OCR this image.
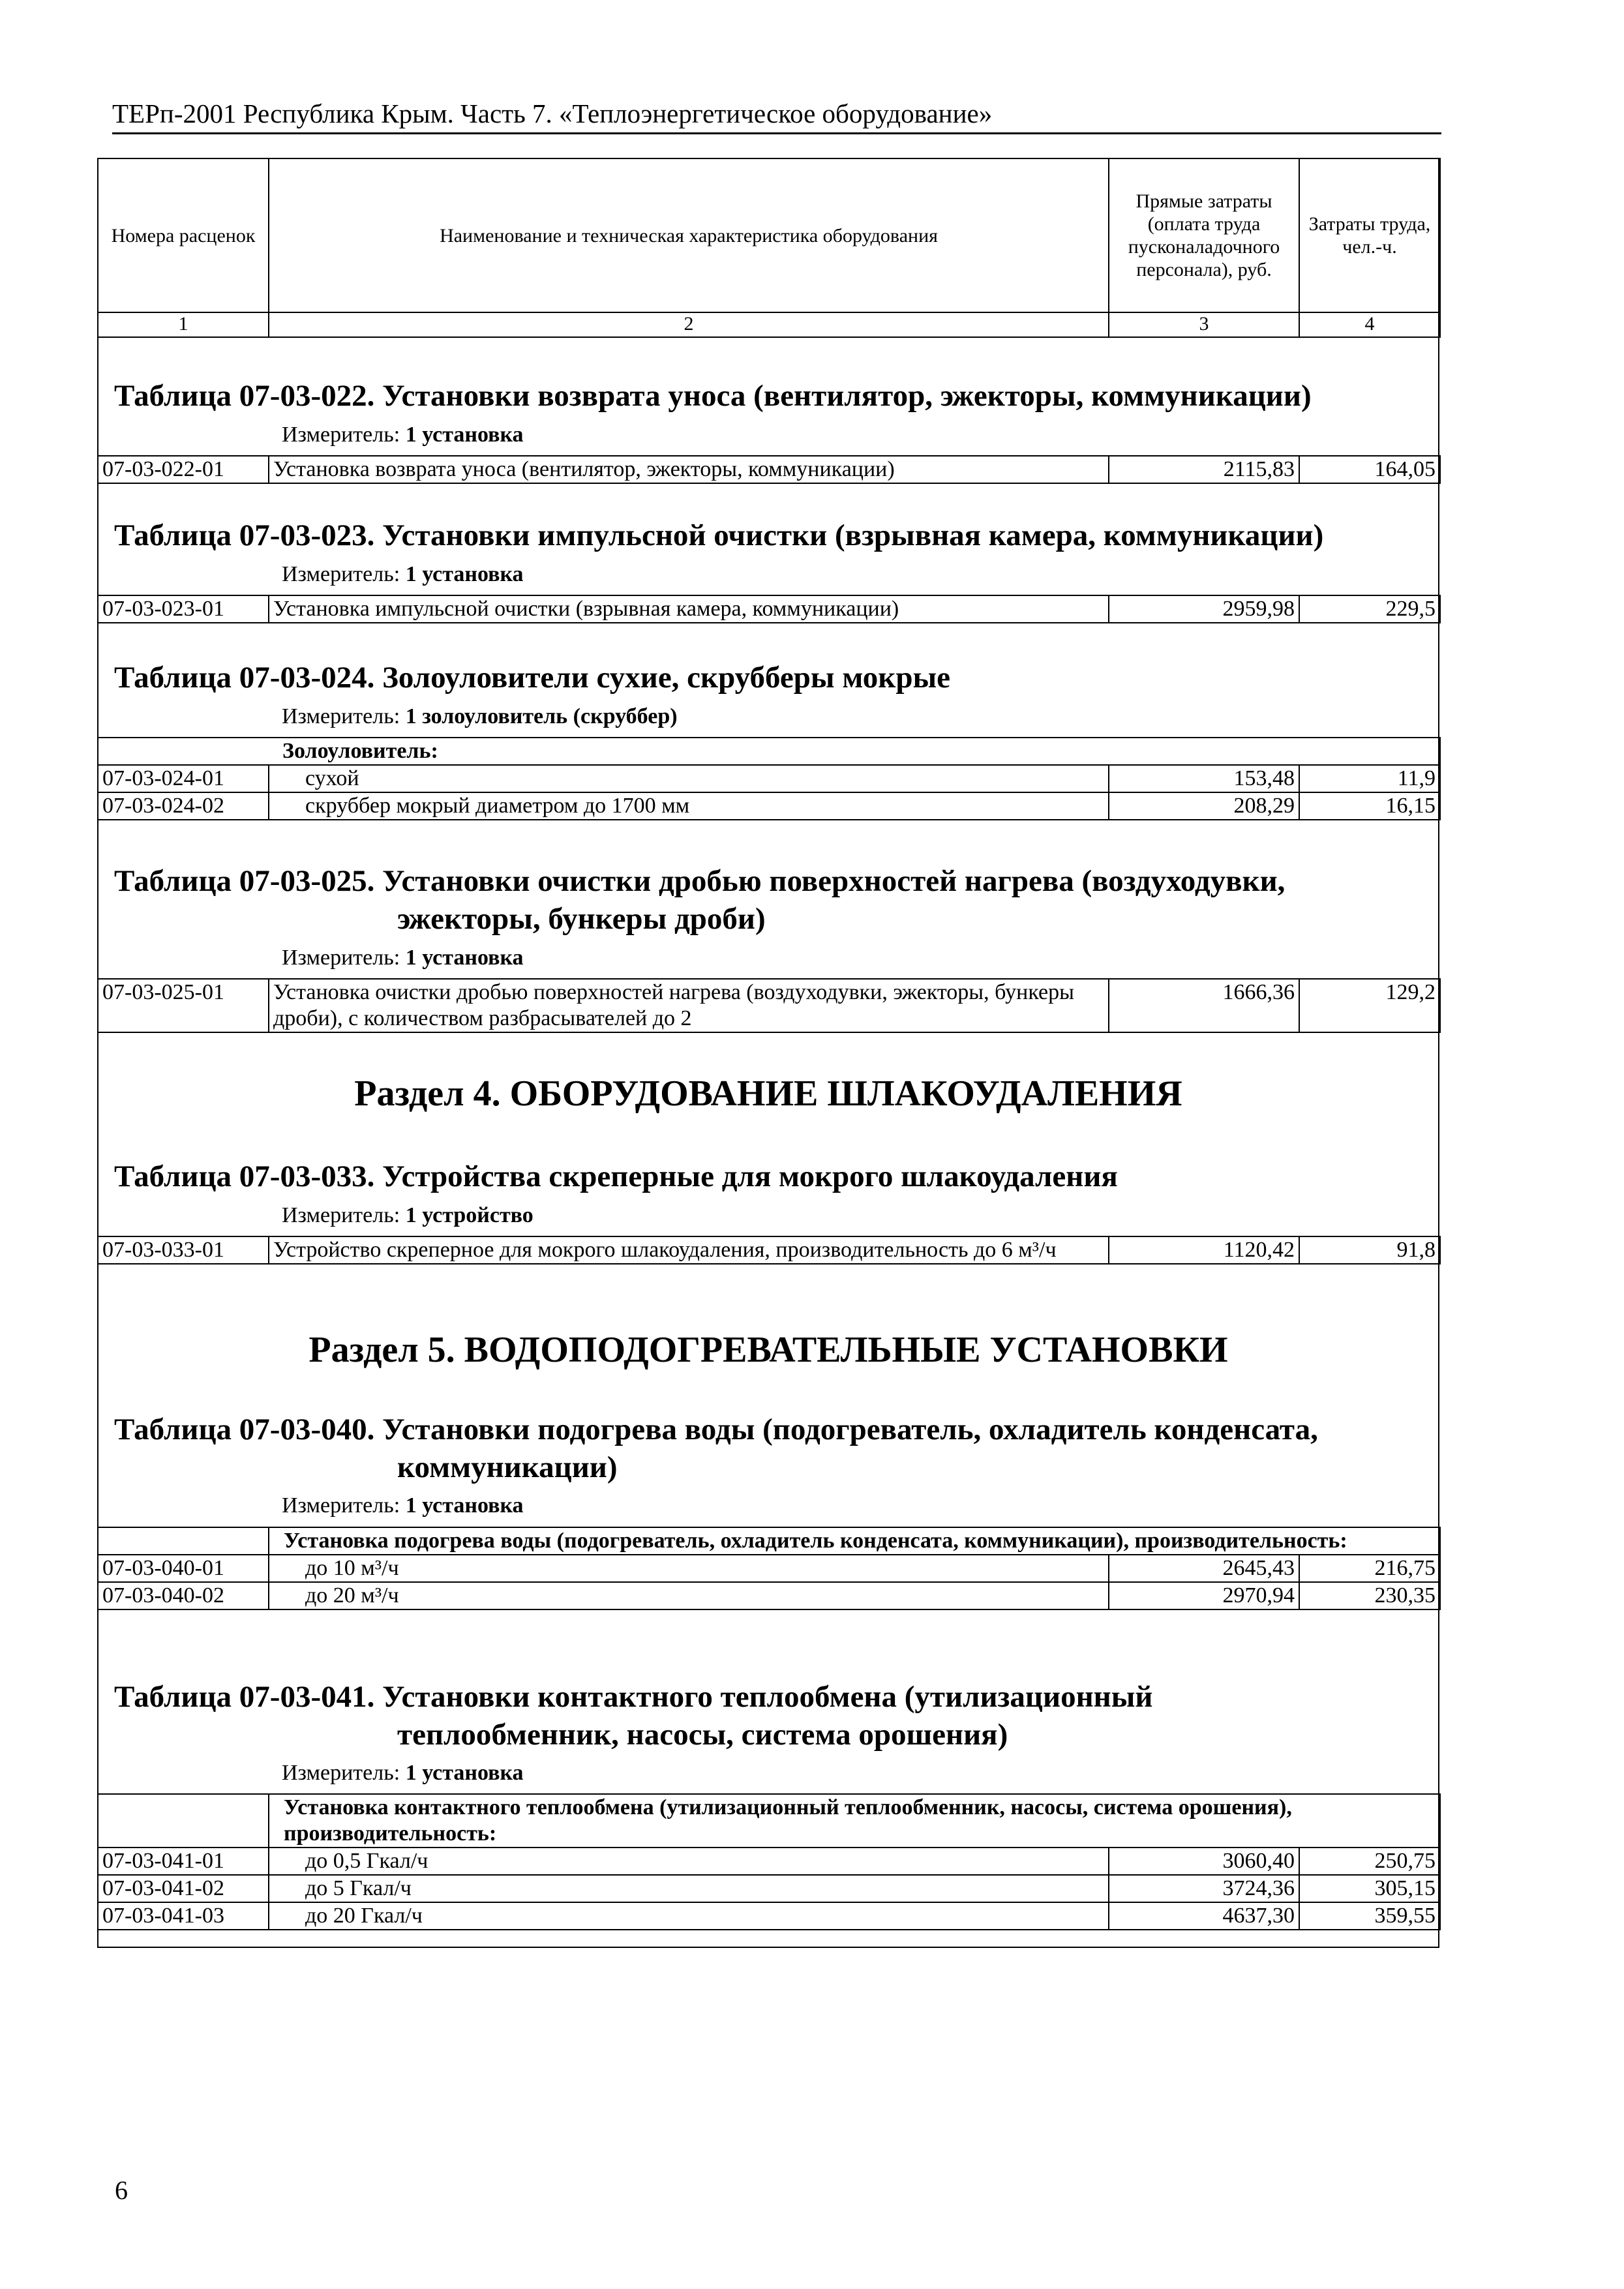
ТЕРп-2001 Республика Крым. Часть 7. «Теплоэнергетическое оборудование»
Номера расценок	Наименование и техническая характеристика оборудования	Прямые затраты (оплата труда пусконаладочного персонала), руб.	Затраты труда, чел.-ч.
1	2	3	4
Таблица 07-03-022. Установки возврата уноса (вентилятор, эжекторы, коммуникации)
Измеритель: 1 установка
07-03-022-01	Установка возврата уноса (вентилятор, эжекторы, коммуникации)	2115,83	164,05
Таблица 07-03-023. Установки импульсной очистки (взрывная камера, коммуникации)
Измеритель: 1 установка
07-03-023-01	Установка импульсной очистки (взрывная камера, коммуникации)	2959,98	229,5
Таблица 07-03-024. Золоуловители сухие, скрубберы мокрые
Измеритель: 1 золоуловитель (скруббер)
Золоуловитель:			
07-03-024-01	сухой	153,48	11,9
07-03-024-02	скруббер мокрый диаметром до 1700 мм	208,29	16,15
Таблица 07-03-025. Установки очистки дробью поверхностей нагрева (воздуходувки,
эжекторы, бункеры дроби)
Измеритель: 1 установка
07-03-025-01	Установка очистки дробью поверхностей нагрева (воздуходувки, эжекторы, бункеры дроби), с количеством разбрасывателей до 2	1666,36	129,2
Раздел 4. ОБОРУДОВАНИЕ ШЛАКОУДАЛЕНИЯ
Таблица 07-03-033. Устройства скреперные для мокрого шлакоудаления
Измеритель: 1 устройство
07-03-033-01	Устройство скреперное для мокрого шлакоудаления, производительность до 6 м³/ч	1120,42	91,8
Раздел 5. ВОДОПОДОГРЕВАТЕЛЬНЫЕ УСТАНОВКИ
Таблица 07-03-040. Установки подогрева воды (подогреватель, охладитель конденсата,
коммуникации)
Измеритель: 1 установка
	Установка подогрева воды (подогреватель, охладитель конденсата, коммуникации), производительность:		
07-03-040-01	до 10 м³/ч	2645,43	216,75
07-03-040-02	до 20 м³/ч	2970,94	230,35
Таблица 07-03-041. Установки контактного теплообмена (утилизационный
теплообменник, насосы, система орошения)
Измеритель: 1 установка
	Установка контактного теплообмена (утилизационный теплообменник, насосы, система орошения), производительность:		
07-03-041-01	до 0,5 Гкал/ч	3060,40	250,75
07-03-041-02	до 5 Гкал/ч	3724,36	305,15
07-03-041-03	до 20 Гкал/ч	4637,30	359,55
6
